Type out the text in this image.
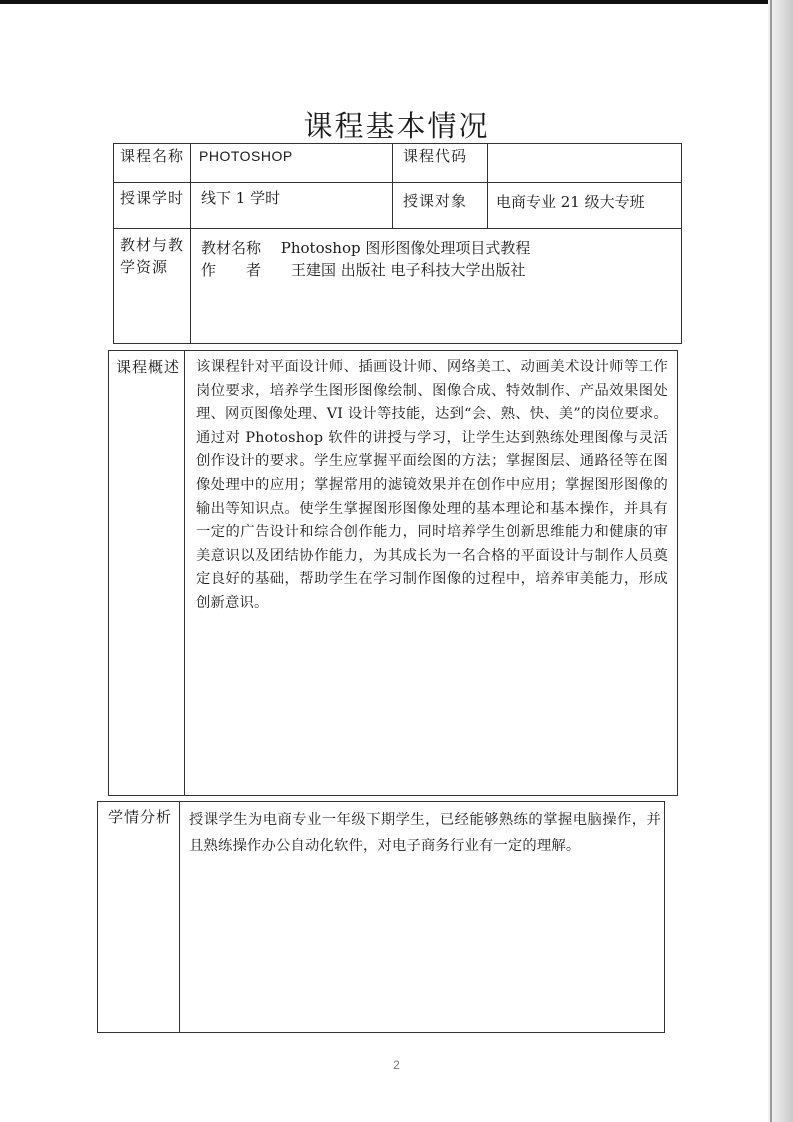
课程基本情况
课程名称 PHOTOSHOP	课程代码
授课学时 线下 1 学时	授课对象 电商专业 21 级大专班
教材与教
学资源
教材名称　 Photoshop 图形图像处理项目式教程
作　　者　　王建国 出版社 电子科技大学出版社
课程概述 该课程针对平面设计师、插画设计师、网络美工、动画美术设计师等工作岗位要求，培养学生图形图像绘制、图像合成、特效制作、产品效果图处理、网页图像处理、VI 设计等技能，达到“会、熟、快、美”的岗位要求。通过对 Photoshop 软件的讲授与学习，让学生达到熟练处理图像与灵活创作设计的要求。学生应掌握平面绘图的方法；掌握图层、通路径等在图像处理中的应用；掌握常用的滤镜效果并在创作中应用；掌握图形图像的输出等知识点。使学生掌握图形图像处理的基本理论和基本操作，并具有一定的广告设计和综合创作能力，同时培养学生创新思维能力和健康的审美意识以及团结协作能力，为其成长为一名合格的平面设计与制作人员奠定良好的基础，帮助学生在学习制作图像的过程中，培养审美能力，形成创新意识。
学情分析 授课学生为电商专业一年级下期学生，已经能够熟练的掌握电脑操作，并且熟练操作办公自动化软件，对电子商务行业有一定的理解。
2
